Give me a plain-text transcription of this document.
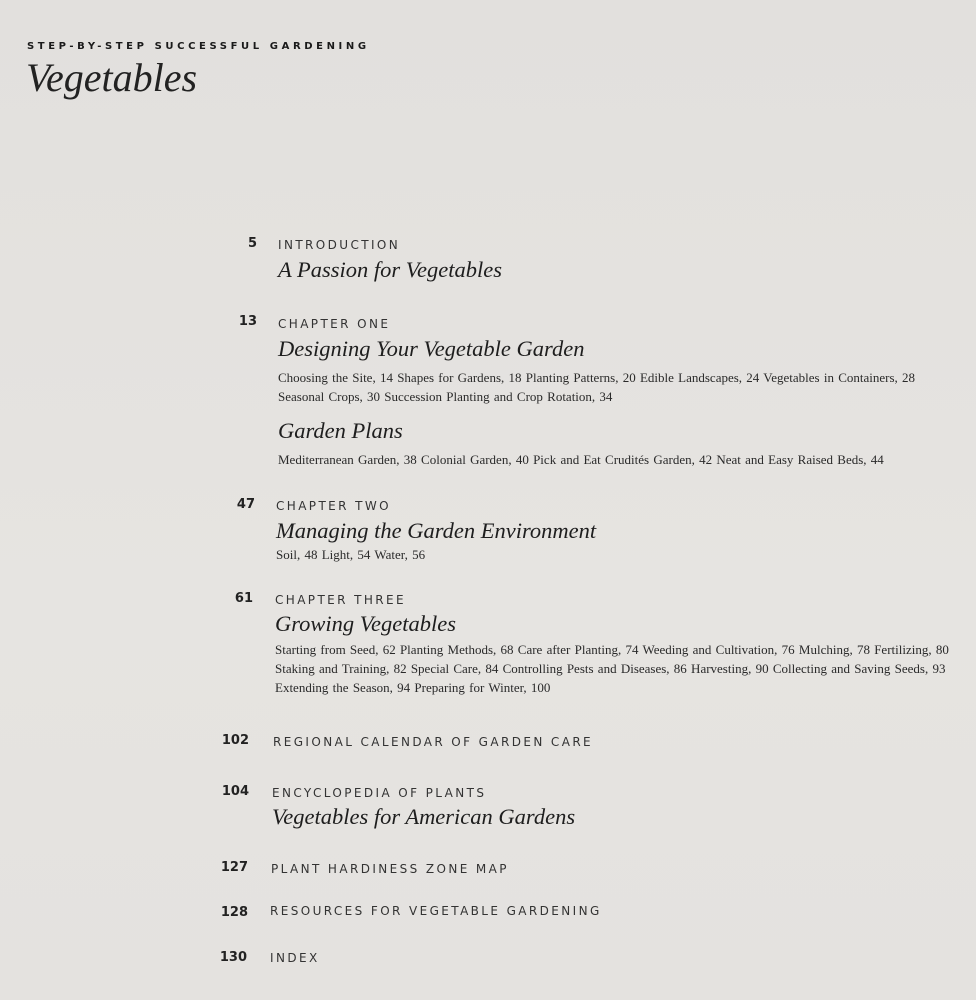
STEP-BY-STEP SUCCESSFUL GARDENING
Vegetables
5 INTRODUCTION
A Passion for Vegetables
13 CHAPTER ONE
Designing Your Vegetable Garden
Choosing the Site, 14 Shapes for Gardens, 18 Planting Patterns, 20 Edible Landscapes, 24 Vegetables in Containers, 28 Seasonal Crops, 30 Succession Planting and Crop Rotation, 34
Garden Plans
Mediterranean Garden, 38 Colonial Garden, 40 Pick and Eat Crudités Garden, 42 Neat and Easy Raised Beds, 44
47 CHAPTER TWO
Managing the Garden Environment
Soil, 48 Light, 54 Water, 56
61 CHAPTER THREE
Growing Vegetables
Starting from Seed, 62 Planting Methods, 68 Care after Planting, 74 Weeding and Cultivation, 76 Mulching, 78 Fertilizing, 80 Staking and Training, 82 Special Care, 84 Controlling Pests and Diseases, 86 Harvesting, 90 Collecting and Saving Seeds, 93 Extending the Season, 94 Preparing for Winter, 100
102 REGIONAL CALENDAR OF GARDEN CARE
104 ENCYCLOPEDIA OF PLANTS
Vegetables for American Gardens
127 PLANT HARDINESS ZONE MAP
128 RESOURCES FOR VEGETABLE GARDENING
130 INDEX
